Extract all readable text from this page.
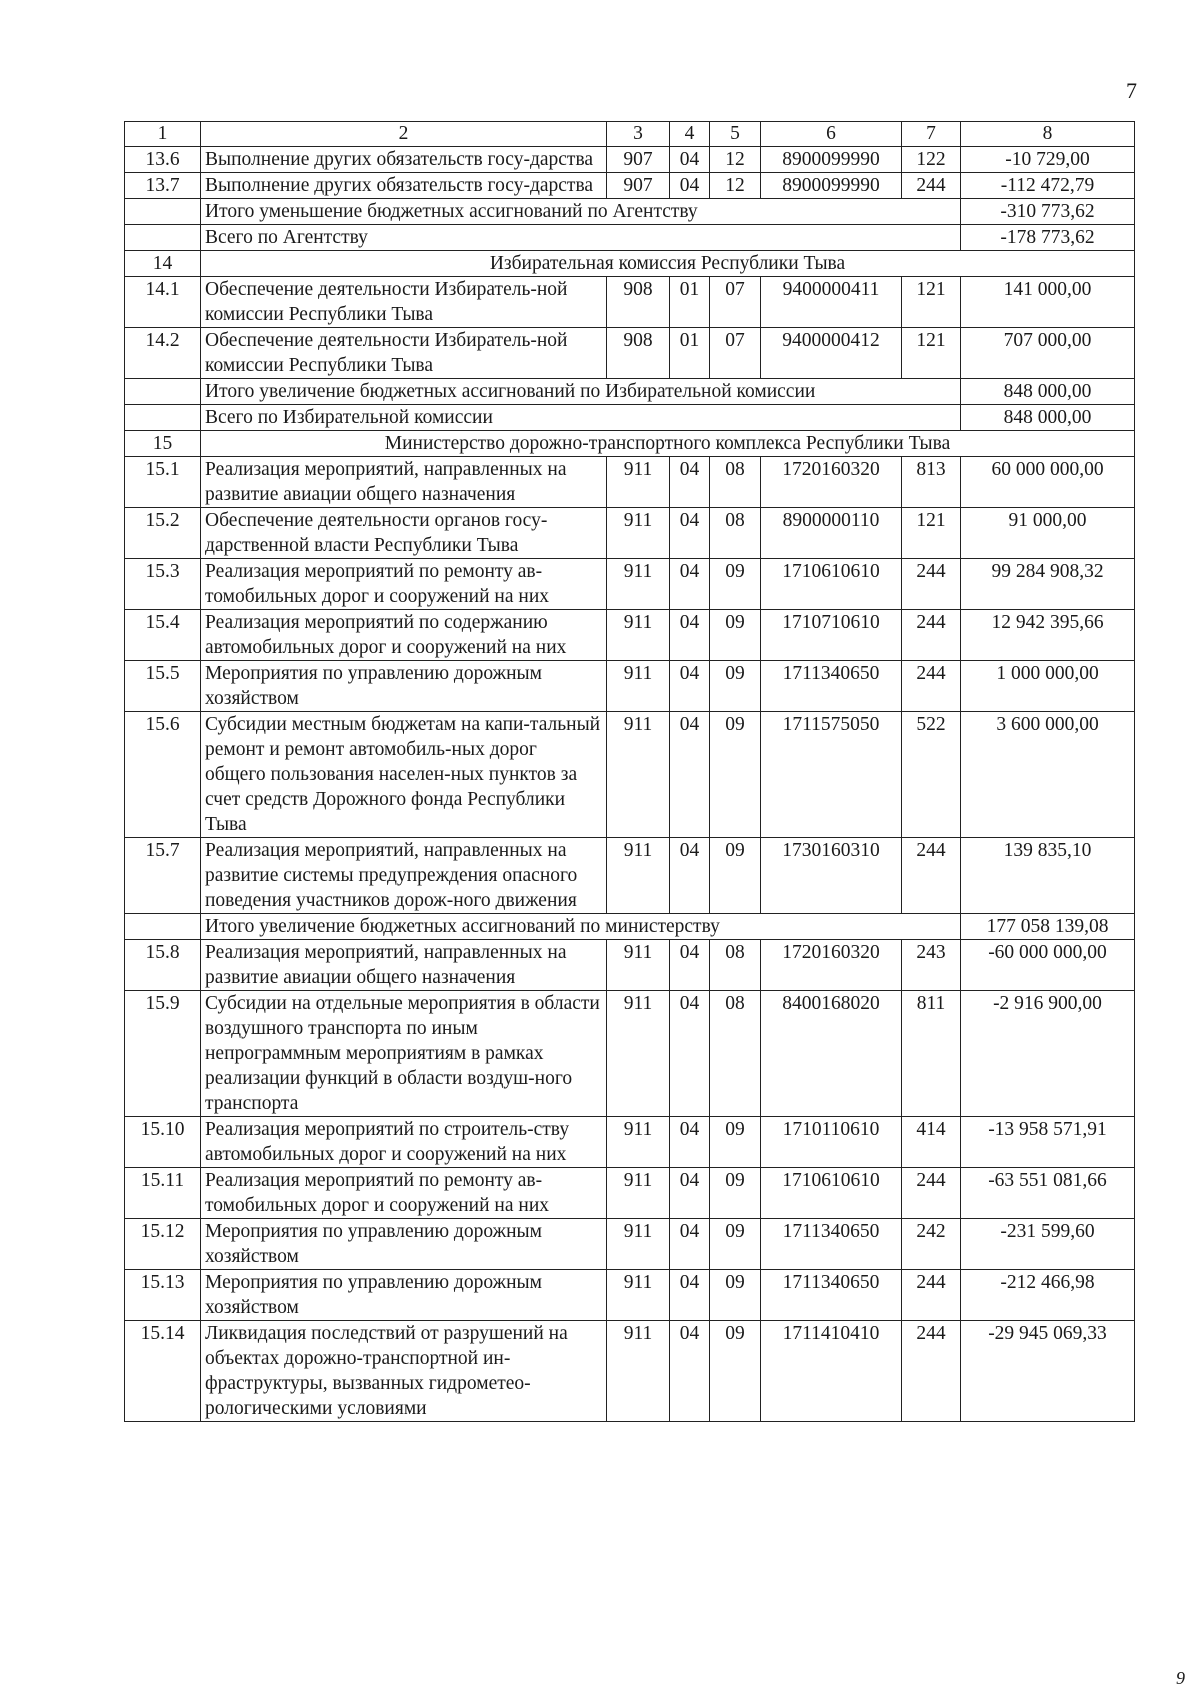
7
1	2	3	4	5	6	7	8
13.6	Выполнение других обязательств госу-дарства	907	04	12	8900099990	122	-10 729,00
13.7	Выполнение других обязательств госу-дарства	907	04	12	8900099990	244	-112 472,79
	Итого уменьшение бюджетных ассигнований по Агентству						-310 773,62
	Всего по Агентству						-178 773,62
14	Избирательная комиссия Республики Тыва						
14.1	Обеспечение деятельности Избиратель-ной комиссии Республики Тыва	908	01	07	9400000411	121	141 000,00
14.2	Обеспечение деятельности Избиратель-ной комиссии Республики Тыва	908	01	07	9400000412	121	707 000,00
	Итого увеличение бюджетных ассигнований по Избирательной комиссии						848 000,00
	Всего по Избирательной комиссии						848 000,00
15	Министерство дорожно-транспортного комплекса Республики Тыва						
15.1	Реализация мероприятий, направленных на развитие авиации общего назначения	911	04	08	1720160320	813	60 000 000,00
15.2	Обеспечение деятельности органов госу-дарственной власти Республики Тыва	911	04	08	8900000110	121	91 000,00
15.3	Реализация мероприятий по ремонту ав-томобильных дорог и сооружений на них	911	04	09	1710610610	244	99 284 908,32
15.4	Реализация мероприятий по содержанию автомобильных дорог и сооружений на них	911	04	09	1710710610	244	12 942 395,66
15.5	Мероприятия по управлению дорожным хозяйством	911	04	09	1711340650	244	1 000 000,00
15.6	Субсидии местным бюджетам на капи-тальный ремонт и ремонт автомобиль-ных дорог общего пользования населен-ных пунктов за счет средств Дорожного фонда Республики Тыва	911	04	09	1711575050	522	3 600 000,00
15.7	Реализация мероприятий, направленных на развитие системы предупреждения опасного поведения участников дорож-ного движения	911	04	09	1730160310	244	139 835,10
	Итого увеличение бюджетных ассигнований по министерству						177 058 139,08
15.8	Реализация мероприятий, направленных на развитие авиации общего назначения	911	04	08	1720160320	243	-60 000 000,00
15.9	Субсидии на отдельные мероприятия в области воздушного транспорта по иным непрограммным мероприятиям в рамках реализации функций в области воздуш-ного транспорта	911	04	08	8400168020	811	-2 916 900,00
15.10	Реализация мероприятий по строитель-ству автомобильных дорог и сооружений на них	911	04	09	1710110610	414	-13 958 571,91
15.11	Реализация мероприятий по ремонту ав-томобильных дорог и сооружений на них	911	04	09	1710610610	244	-63 551 081,66
15.12	Мероприятия по управлению дорожным хозяйством	911	04	09	1711340650	242	-231 599,60
15.13	Мероприятия по управлению дорожным хозяйством	911	04	09	1711340650	244	-212 466,98
15.14	Ликвидация последствий от разрушений на объектах дорожно-транспортной ин-фраструктуры, вызванных гидрометео-рологическими условиями	911	04	09	1711410410	244	-29 945 069,33
9
